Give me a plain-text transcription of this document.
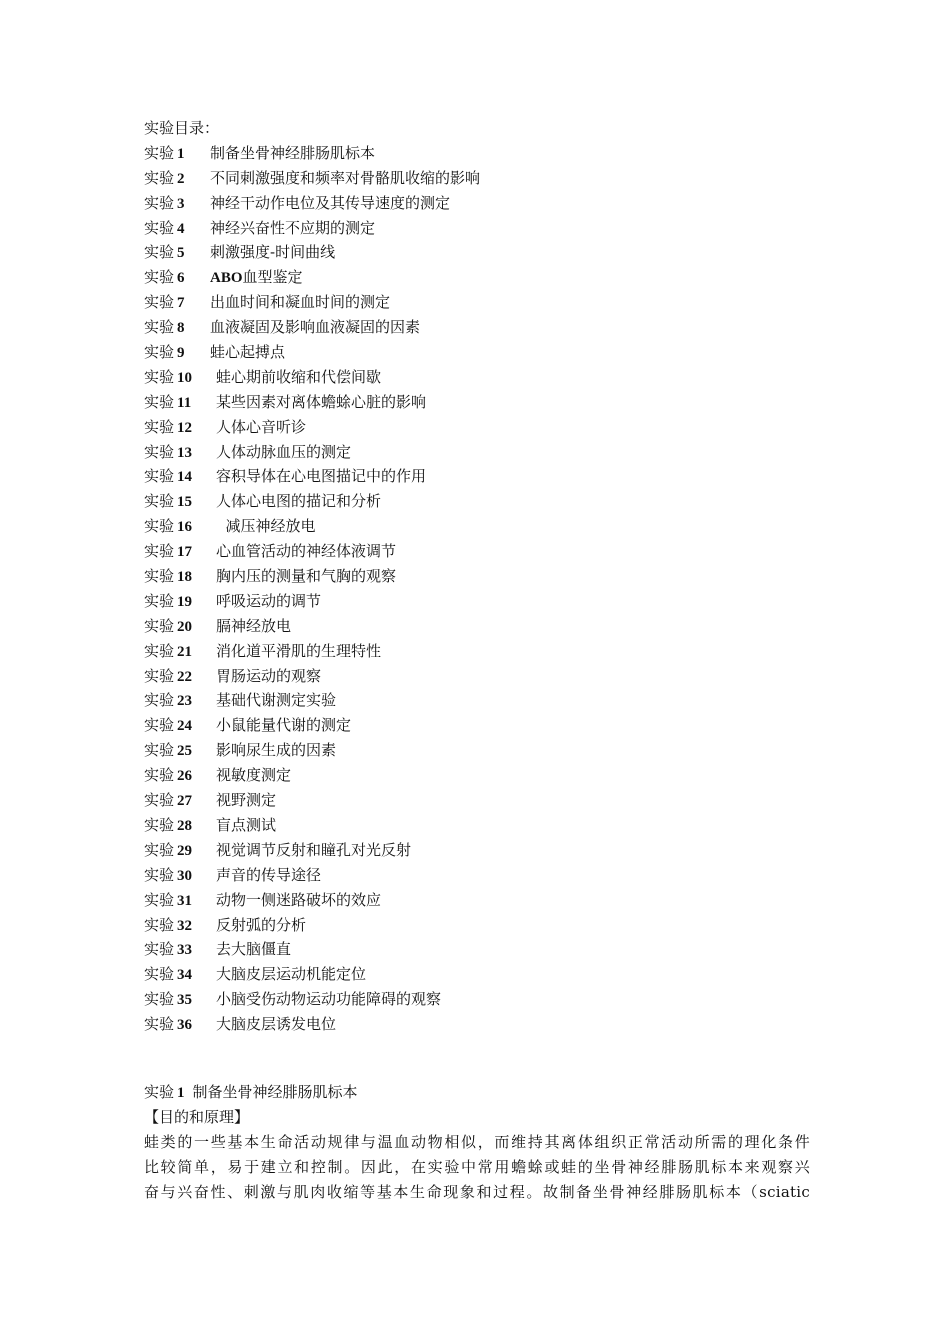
实验目录：
实验 1	制备坐骨神经腓肠肌标本
实验 2	不同刺激强度和频率对骨骼肌收缩的影响
实验 3	神经干动作电位及其传导速度的测定
实验 4	神经兴奋性不应期的测定
实验 5	刺激强度-时间曲线
实验 6	ABO血型鉴定
实验 7	出血时间和凝血时间的测定
实验 8	血液凝固及影响血液凝固的因素
实验 9	蛙心起搏点
实验 10	蛙心期前收缩和代偿间歇
实验 11	某些因素对离体蟾蜍心脏的影响
实验 12	人体心音听诊
实验 13	人体动脉血压的测定
实验 14	容积导体在心电图描记中的作用
实验 15	人体心电图的描记和分析
实验 16	减压神经放电
实验 17	心血管活动的神经体液调节
实验 18	胸内压的测量和气胸的观察
实验 19	呼吸运动的调节
实验 20	膈神经放电
实验 21	消化道平滑肌的生理特性
实验 22	胃肠运动的观察
实验 23	基础代谢测定实验
实验 24	小鼠能量代谢的测定
实验 25	影响尿生成的因素
实验 26	视敏度测定
实验 27	视野测定
实验 28	盲点测试
实验 29	视觉调节反射和瞳孔对光反射
实验 30	声音的传导途径
实验 31	动物一侧迷路破坏的效应
实验 32	反射弧的分析
实验 33	去大脑僵直
实验 34	大脑皮层运动机能定位
实验 35	小脑受伤动物运动功能障碍的观察
实验 36	大脑皮层诱发电位
实验 1 制备坐骨神经腓肠肌标本
【目的和原理】

蛙类的一些基本生命活动规律与温血动物相似，而维持其离体组织正常活动所需的理化条件
比较简单，易于建立和控制。因此，在实验中常用蟾蜍或蛙的坐骨神经腓肠肌标本来观察兴
奋与兴奋性、刺激与肌肉收缩等基本生命现象和过程。故制备坐骨神经腓肠肌标本（sciatic
